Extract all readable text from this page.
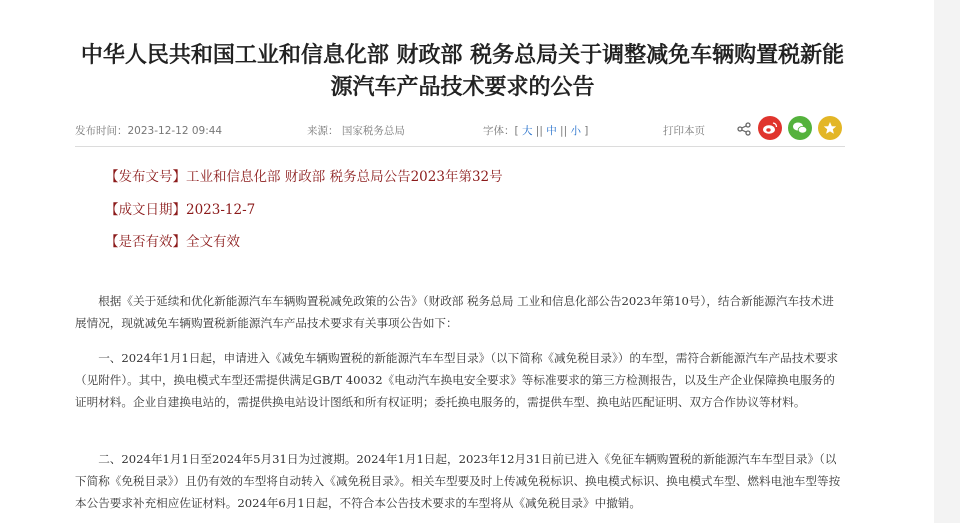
中华人民共和国工业和信息化部 财政部 税务总局关于调整减免车辆购置税新能源汽车产品技术要求的公告
发布时间：2023-12-12 09:44	来源： 国家税务总局	字体：[ 大 || 中 || 小 ]	打印本页
【发布文号】工业和信息化部 财政部 税务总局公告2023年第32号
【成文日期】2023-12-7
【是否有效】全文有效

根据《关于延续和优化新能源汽车车辆购置税减免政策的公告》（财政部 税务总局 工业和信息化部公告2023年第10号），结合新能源汽车技术进展情况，现就减免车辆购置税新能源汽车产品技术要求有关事项公告如下：

一、2024年1月1日起，申请进入《减免车辆购置税的新能源汽车车型目录》（以下简称《减免税目录》）的车型，需符合新能源汽车产品技术要求（见附件）。其中，换电模式车型还需提供满足GB/T 40032《电动汽车换电安全要求》等标准要求的第三方检测报告，以及生产企业保障换电服务的证明材料。企业自建换电站的，需提供换电站设计图纸和所有权证明；委托换电服务的，需提供车型、换电站匹配证明、双方合作协议等材料。

二、2024年1月1日至2024年5月31日为过渡期。2024年1月1日起，2023年12月31日前已进入《免征车辆购置税的新能源汽车车型目录》（以下简称《免税目录》）且仍有效的车型将自动转入《减免税目录》。相关车型要及时上传减免税标识、换电模式标识、换电模式车型、燃料电池车型等按本公告要求补充相应佐证材料。2024年6月1日起，不符合本公告技术要求的车型将从《减免税目录》中撤销。
